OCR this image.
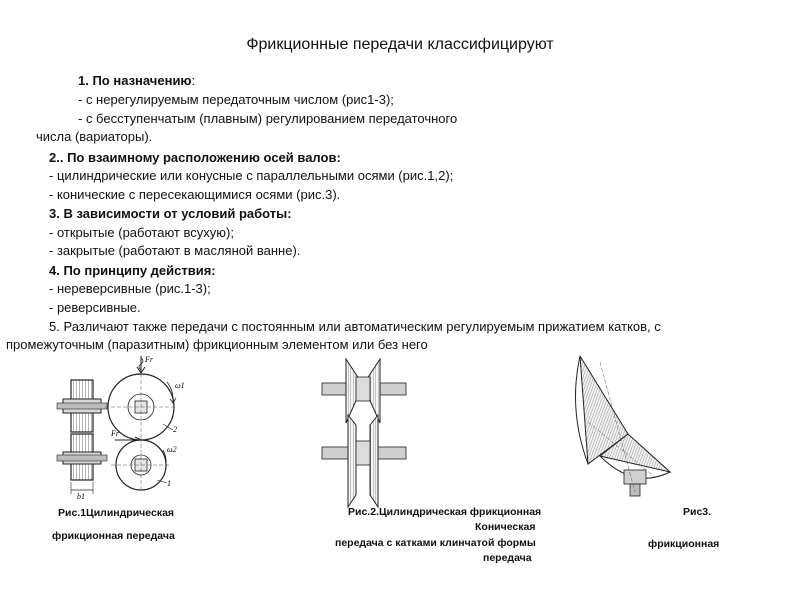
Фрикционные передачи классифицируют
1. По назначению:
- с нерегулируемым передаточным числом (рис1-3);
- с бесступенчатым (плавным) регулированием передаточного
числа (вариаторы).
2.. По взаимному расположению осей валов:
- цилиндрические или конусные с параллельными осями (рис.1,2);
- конические с пересекающимися осями (рис.3).
3. В зависимости от условий работы:
- открытые (работают всухую);
- закрытые (работают в масляной ванне).
4. По принципу действия:
- нереверсивные (рис.1-3);
- реверсивные.
5. Различают также передачи с постоянным или автоматическим регулируемым прижатием катков, с
промежуточным (паразитным) фрикционным элементом или без него
b1
Fr
ω1
2
Fr
ω2
1
Рис.1Цилиндрическая
фрикционная передача
Рис.2.Цилиндрическая фрикционная
Коническая
передача с катками клинчатой формы
передача
Рис3.
фрикционная
